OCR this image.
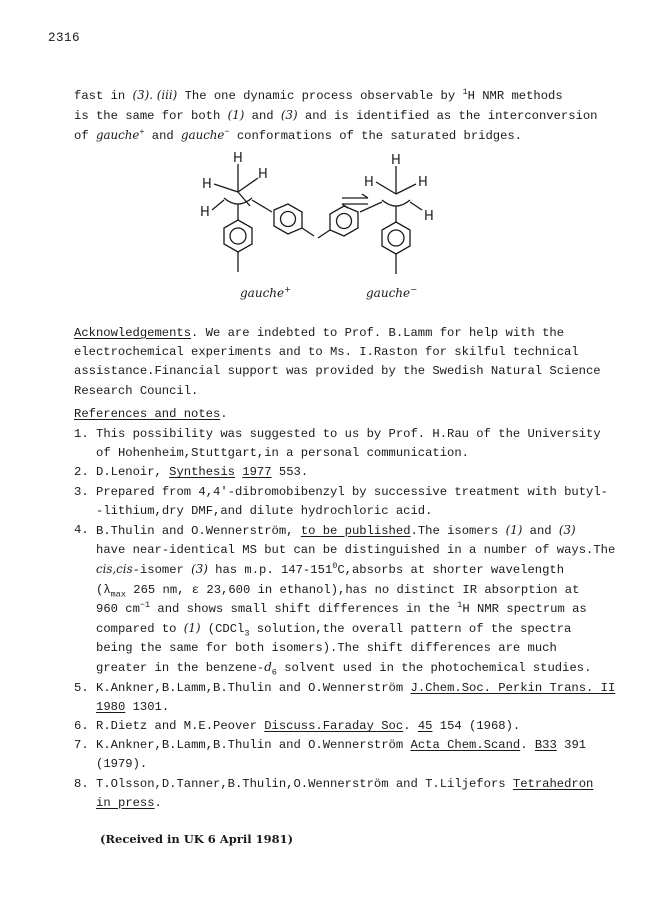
2316

fast in (3). (iii) The one dynamic process observable by $^1$H NMR methods
is the same for both (1) and (3) and is identified as the interconversion
of gauche+ and gauche− conformations of the saturated bridges.

H
H
H
H
H
H	H
H
gauche+	gauche−

Acknowledgements. We are indebted to Prof. B.Lamm for help with the
electrochemical experiments and to Ms. I.Raston for skilful technical
assistance.Financial support was provided by the Swedish Natural Science
Research Council.

References and notes.
1. This possibility was suggested to us by Prof. H.Rau of the University
of Hohenheim,Stuttgart,in a personal communication.
2. D.Lenoir, Synthesis 1977 553.
3. Prepared from 4,4′-dibromobibenzyl by successive treatment with butyl-
-lithium,dry DMF,and dilute hydrochloric acid.
4. B.Thulin and O.Wennerström, to be published.The isomers (1) and (3)
have near-identical MS but can be distinguished in a number of ways.The
cis,cis-isomer (3) has m.p. $147-151^0C,absorbs$ at shorter wavelength
($\lambda_{max}$ 265 nm, ε 23,600 in ethanol),has no distinct IR absorption at
960 $cm^{-1}$ and shows small shift differences in the $^1$H NMR spectrum as
compared to (1) (CDCl$_3$ solution,the overall pattern of the spectra
being the same for both isomers).The shift differences are much
greater in the benzene-$d_6$ solvent used in the photochemical studies.
5. K.Ankner,B.Lamm,B.Thulin and O.Wennerström J.Chem.Soc. Perkin Trans. II
1980 1301.
6. R.Dietz and M.E.Peover Discuss.Faraday Soc. 45 154 (1968).
7. K.Ankner,B.Lamm,B.Thulin and O.Wennerström Acta Chem.Scand. B33 391
(1979).
8. T.Olsson,D.Tanner,B.Thulin,O.Wennerström and T.Liljefors Tetrahedron
in press.
(Received in UK 6 April 1981)
